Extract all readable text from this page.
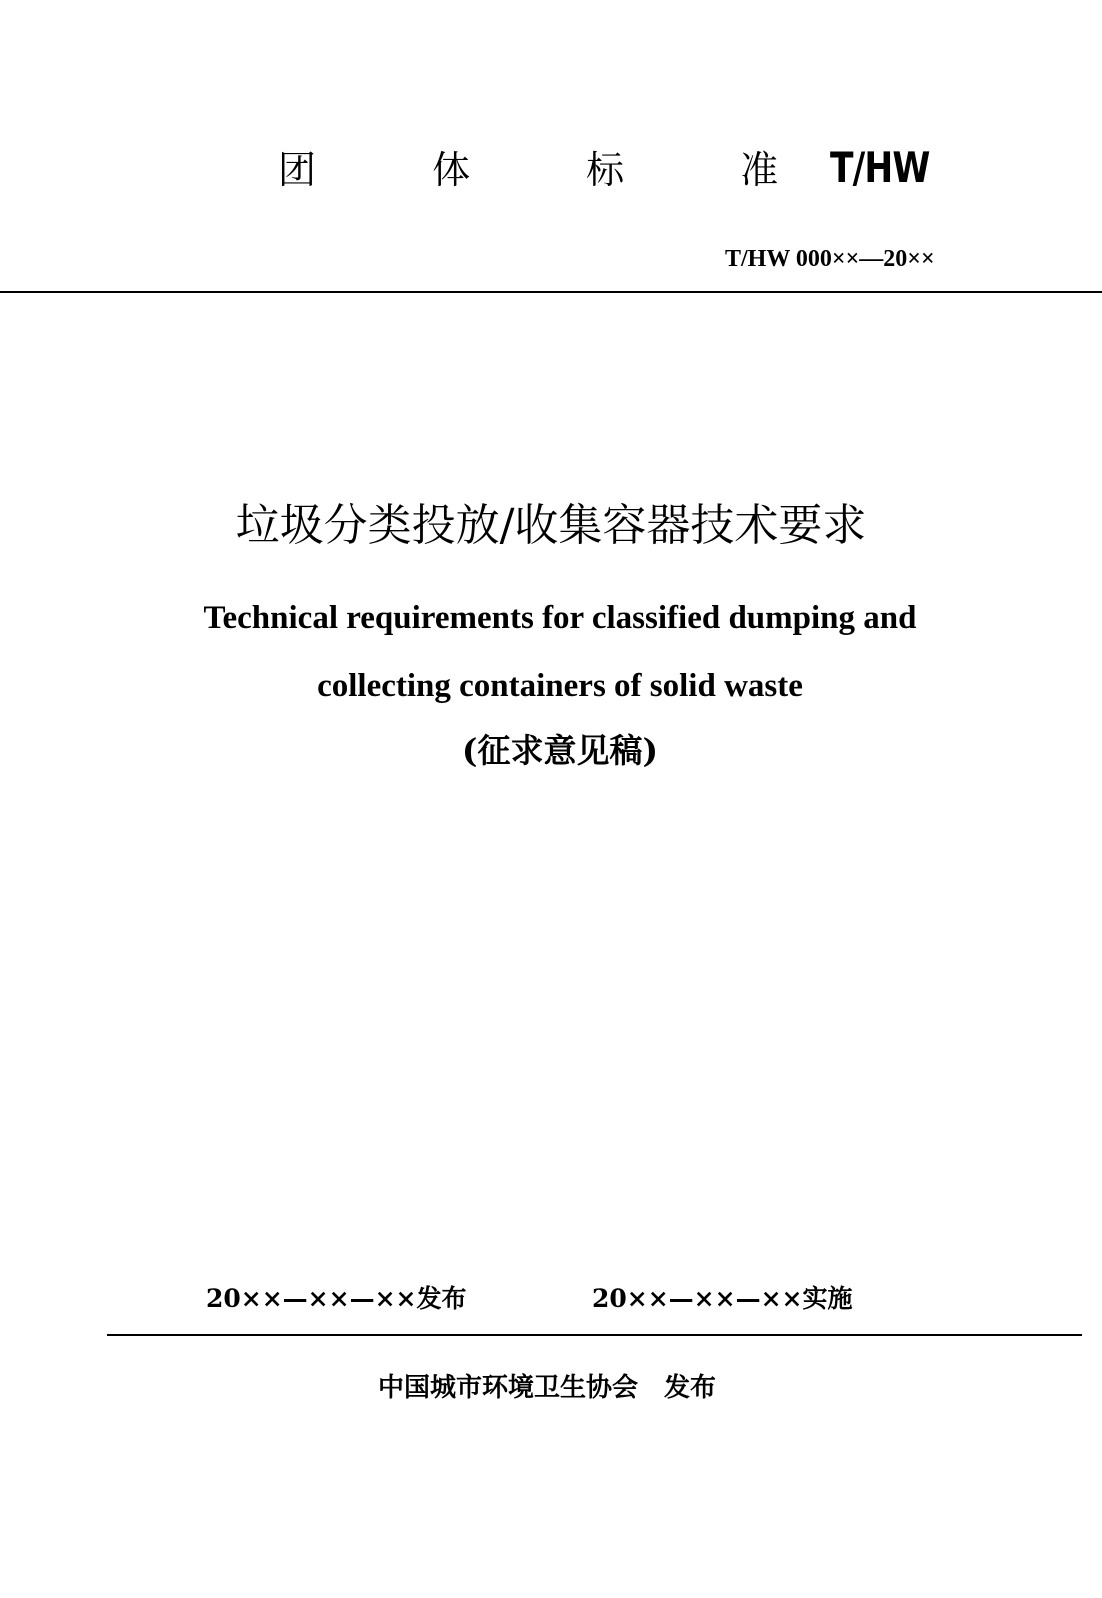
团 体 标 准 T/HW
T/HW 000××—20××
垃圾分类投放/收集容器技术要求
Technical requirements for classified dumping and
collecting containers of solid waste
(征求意见稿)
20××—××—××发布	20××—××—××实施
中国城市环境卫生协会　发布
